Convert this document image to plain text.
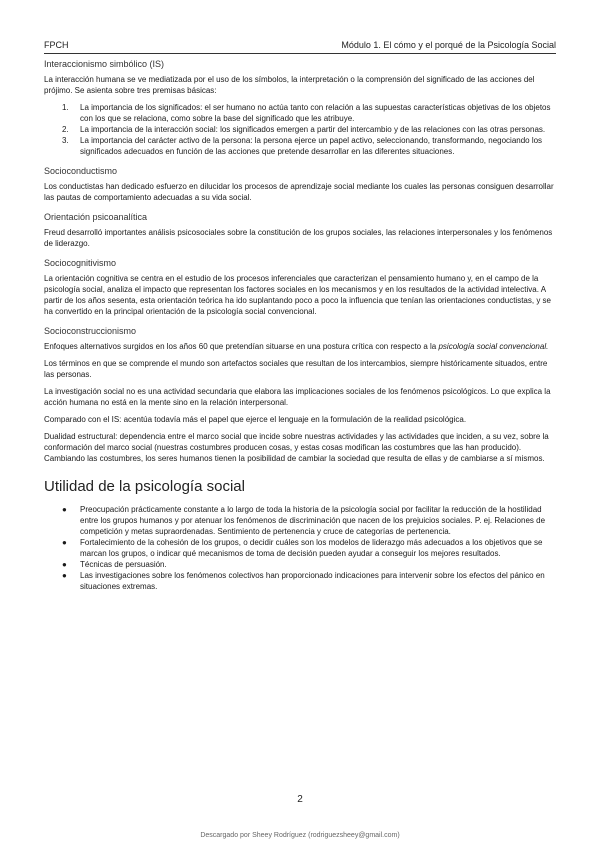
FPCH	Módulo 1. El cómo y el porqué de la Psicología Social
Interaccionismo simbólico (IS)

La interacción humana se ve mediatizada por el uso de los símbolos, la interpretación o la comprensión del significado de las acciones del prójimo. Se asienta sobre tres premisas básicas:

1. La importancia de los significados: el ser humano no actúa tanto con relación a las supuestas características objetivas de los objetos con los que se relaciona, como sobre la base del significado que les atribuye.
2. La importancia de la interacción social: los significados emergen a partir del intercambio y de las relaciones con las otras personas.
3. La importancia del carácter activo de la persona: la persona ejerce un papel activo, seleccionando, transformando, negociando los significados adecuados en función de las acciones que pretende desarrollar en las diferentes situaciones.
Socioconductismo

Los conductistas han dedicado esfuerzo en dilucidar los procesos de aprendizaje social mediante los cuales las personas consiguen desarrollar las pautas de comportamiento adecuadas a su vida social.

Orientación psicoanalítica

Freud desarrolló importantes análisis psicosociales sobre la constitución de los grupos sociales, las relaciones interpersonales y los fenómenos de liderazgo.

Sociocognitivismo

La orientación cognitiva se centra en el estudio de los procesos inferenciales que caracterizan el pensamiento humano y, en el campo de la psicología social, analiza el impacto que representan los factores sociales en los mecanismos y en los resultados de la actividad intelectiva. A partir de los años sesenta, esta orientación teórica ha ido suplantando poco a poco la influencia que tenían las orientaciones conductistas, y se ha convertido en la principal orientación de la psicología social convencional.

Socioconstruccionismo

Enfoques alternativos surgidos en los años 60 que pretendían situarse en una postura crítica con respecto a la psicología social convencional.

Los términos en que se comprende el mundo son artefactos sociales que resultan de los intercambios, siempre históricamente situados, entre las personas.

La investigación social no es una actividad secundaria que elabora las implicaciones sociales de los fenómenos psicológicos. Lo que explica la acción humana no está en la mente sino en la relación interpersonal.

Comparado con el IS: acentúa todavía más el papel que ejerce el lenguaje en la formulación de la realidad psicológica.

Dualidad estructural: dependencia entre el marco social que incide sobre nuestras actividades y las actividades que inciden, a su vez, sobre la conformación del marco social (nuestras costumbres producen cosas, y estas cosas modifican las costumbres que las han producido). Cambiando las costumbres, los seres humanos tienen la posibilidad de cambiar la sociedad que resulta de ellas y de cambiarse a sí mismos.

Utilidad de la psicología social
● Preocupación prácticamente constante a lo largo de toda la historia de la psicología social por facilitar la reducción de la hostilidad entre los grupos humanos y por atenuar los fenómenos de discriminación que nacen de los prejuicios sociales. P. ej. Relaciones de competición y metas supraordenadas. Sentimiento de pertenencia y cruce de categorías de pertenencia.
● Fortalecimiento de la cohesión de los grupos, o decidir cuáles son los modelos de liderazgo más adecuados a los objetivos que se marcan los grupos, o indicar qué mecanismos de toma de decisión pueden ayudar a conseguir los mejores resultados.
● Técnicas de persuasión.
● Las investigaciones sobre los fenómenos colectivos han proporcionado indicaciones para intervenir sobre los efectos del pánico en situaciones extremas.
2
Descargado por Sheey Rodríguez (rodriguezsheey@gmail.com)
